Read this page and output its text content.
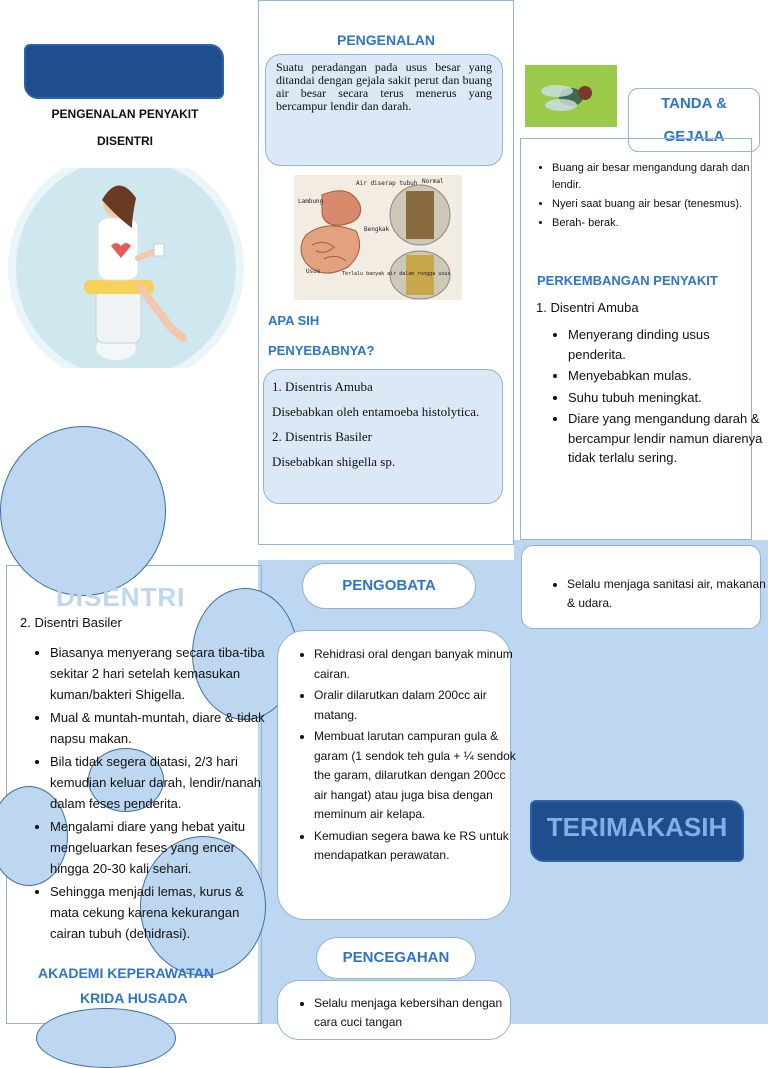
PENGENALAN PENYAKIT
DISENTRI
DISENTRI
2. Disentri Basiler
• Biasanya menyerang secara tiba-tiba sekitar 2 hari setelah kemasukan kuman/bakteri Shigella.
• Mual & muntah-muntah, diare & tidak napsu makan.
• Bila tidak segera diatasi, 2/3 hari kemudian keluar darah, lendir/nanah dalam feses penderita.
• Mengalami diare yang hebat yaitu mengeluarkan feses yang encer hingga 20-30 kali sehari.
• Sehingga menjadi lemas, kurus & mata cekung karena kekurangan cairan tubuh (dehidrasi).
AKADEMI KEPERAWATAN
KRIDA HUSADA
PENGENALAN
Suatu peradangan pada usus besar yang ditandai dengan gejala sakit perut dan buang air besar secara terus menerus yang bercampur lendir dan darah.
Air diserap tubuh Normal
Lambung
Bengkak
Usus	Terlalu banyak air dalam rongga usus
APA SIH
PENYEBABNYA?
1. Disentris Amuba
Disebabkan oleh entamoeba histolytica.
2. Disentris Basiler
Disebabkan shigella sp.
TANDA &
GEJALA
• Buang air besar mengandung darah dan lendir.
• Nyeri saat buang air besar (tenesmus).
• Berah- berak.
PERKEMBANGAN PENYAKIT
1. Disentri Amuba
• Menyerang dinding usus penderita.
• Menyebabkan mulas.
• Suhu tubuh meningkat.
• Diare yang mengandung darah & bercampur lendir namun diarenya tidak terlalu sering.
PENGOBATA
• Rehidrasi oral dengan banyak minum cairan.
• Oralir dilarutkan dalam 200cc air matang.
• Membuat larutan campuran gula & garam (1 sendok teh gula + ¼ sendok the garam, dilarutkan dengan 200cc air hangat) atau juga bisa dengan meminum air kelapa.
• Kemudian segera bawa ke RS untuk mendapatkan perawatan.
PENCEGAHAN
• Selalu menjaga kebersihan dengan cara cuci tangan
• Selalu menjaga sanitasi air, makanan & udara.
TERIMAKASIH
